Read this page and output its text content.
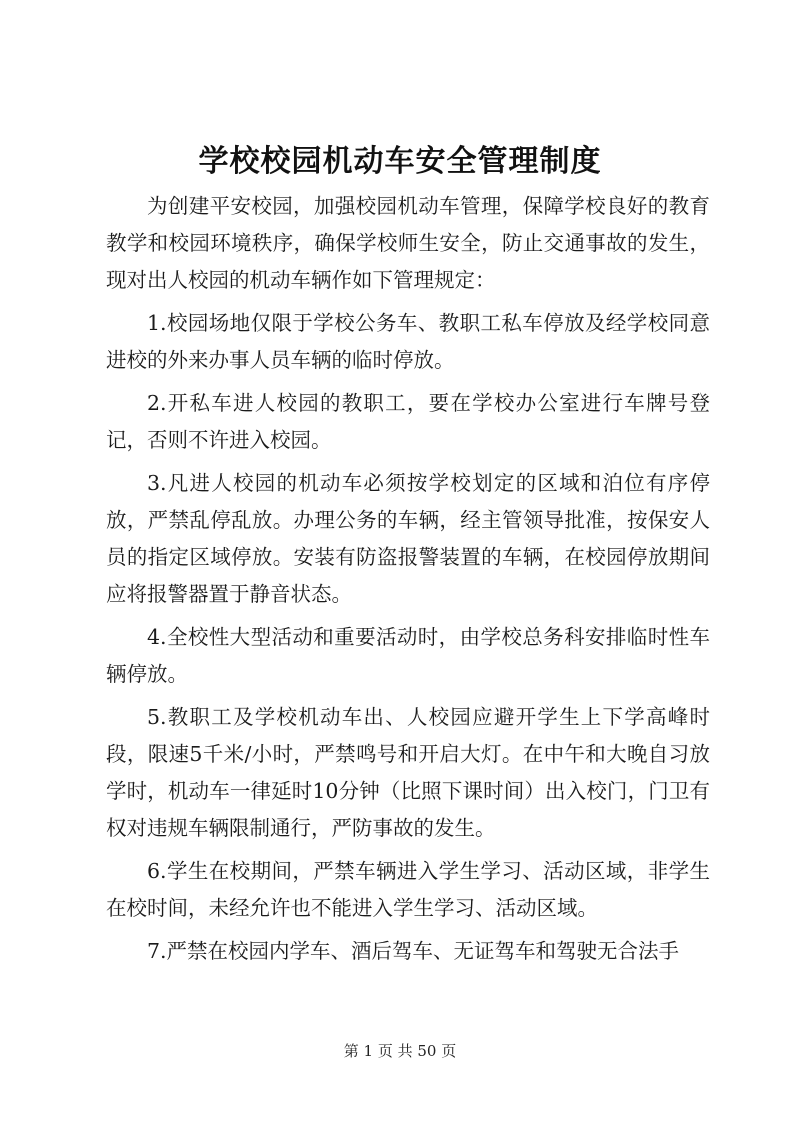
学校校园机动车安全管理制度

为创建平安校园，加强校园机动车管理，保障学校良好的教育教学和校园环境秩序，确保学校师生安全，防止交通事故的发生，现对出人校园的机动车辆作如下管理规定：

1.校园场地仅限于学校公务车、教职工私车停放及经学校同意进校的外来办事人员车辆的临时停放。

2.开私车进人校园的教职工，要在学校办公室进行车牌号登记，否则不许进入校园。

3.凡进人校园的机动车必须按学校划定的区域和泊位有序停放，严禁乱停乱放。办理公务的车辆，经主管领导批准，按保安人员的指定区域停放。安装有防盗报警装置的车辆，在校园停放期间应将报警器置于静音状态。

4.全校性大型活动和重要活动时，由学校总务科安排临时性车辆停放。

5.教职工及学校机动车出、人校园应避开学生上下学高峰时段，限速5千米/小时，严禁鸣号和开启大灯。在中午和大晚自习放学时，机动车一律延时10分钟（比照下课时间）出入校门，门卫有权对违规车辆限制通行，严防事故的发生。

6.学生在校期间，严禁车辆进入学生学习、活动区域，非学生在校时间，未经允许也不能进入学生学习、活动区域。

7.严禁在校园内学车、酒后驾车、无证驾车和驾驶无合法手

第 1 页 共 50 页
